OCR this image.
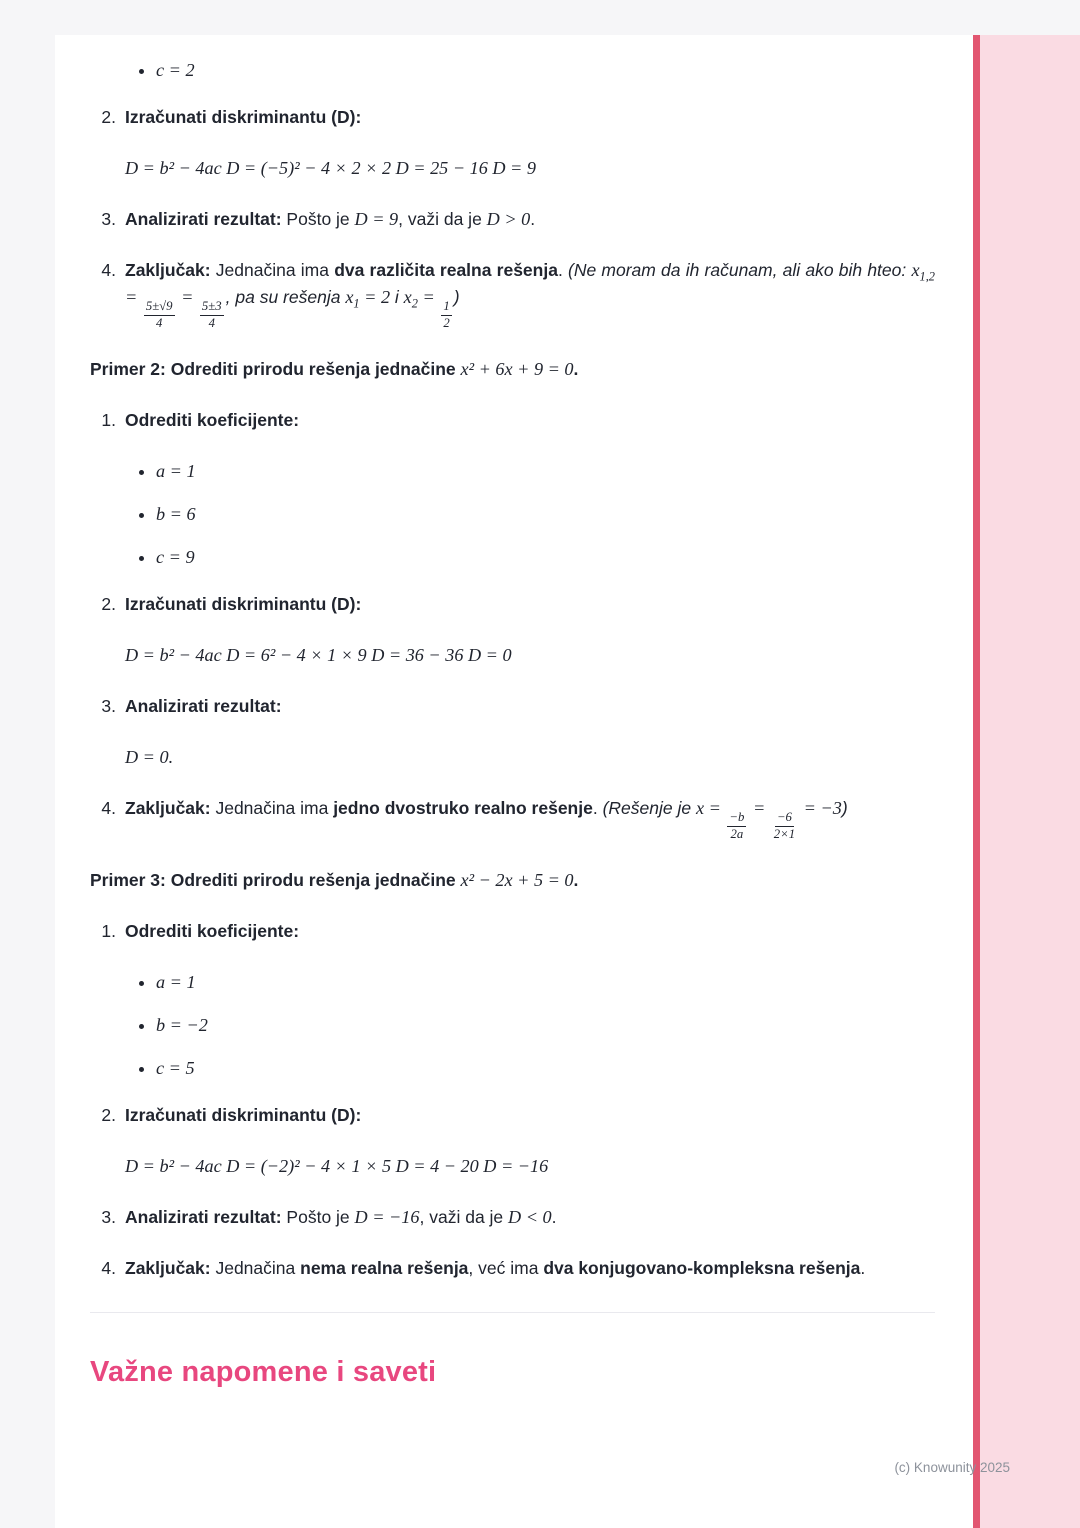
• c = 2
2. Izračunati diskriminantu (D):
D = b² − 4ac D = (−5)² − 4 × 2 × 2 D = 25 − 16 D = 9
3. Analizirati rezultat: Pošto je D = 9, važi da je D > 0.
4. Zaključak: Jednačina ima dva različita realna rešenja. (Ne moram da ih računam, ali ako bih hteo: $x_{1,2}$ =
$\frac{5\pm√9}{4}$
=
$\frac{5\pm 3}{4}$
, pa su rešenja $x_1 = 2$ i $x_2$ =
$\frac{1}{2}$
)

Primer 2: Odrediti prirodu rešenja jednačine x² + 6x + 9 = 0.

1. Odrediti koeficijente:
• a = 1
• b = 6
• c = 9
2. Izračunati diskriminantu (D):
D = b² − 4ac D = 6² − 4 × 1 × 9 D = 36 − 36 D = 0
3. Analizirati rezultat:
D = 0.
4. Zaključak: Jednačina ima jedno dvostruko realno rešenje. (Rešenje je x =
$\frac{-b}{2a}$
=
$\frac{-6}{2\times 1}$
= −3)

Primer 3: Odrediti prirodu rešenja jednačine x² − 2x + 5 = 0.

1. Odrediti koeficijente:
• a = 1
• b = −2
• c = 5
2. Izračunati diskriminantu (D):
D = b² − 4ac D = (−2)² − 4 × 1 × 5 D = 4 − 20 D = −16
3. Analizirati rezultat: Pošto je D = −16, važi da je D < 0.
4. Zaključak: Jednačina nema realna rešenja, već ima dva konjugovano-kompleksna rešenja.
Važne napomene i saveti
(c) Knowunity 2025
